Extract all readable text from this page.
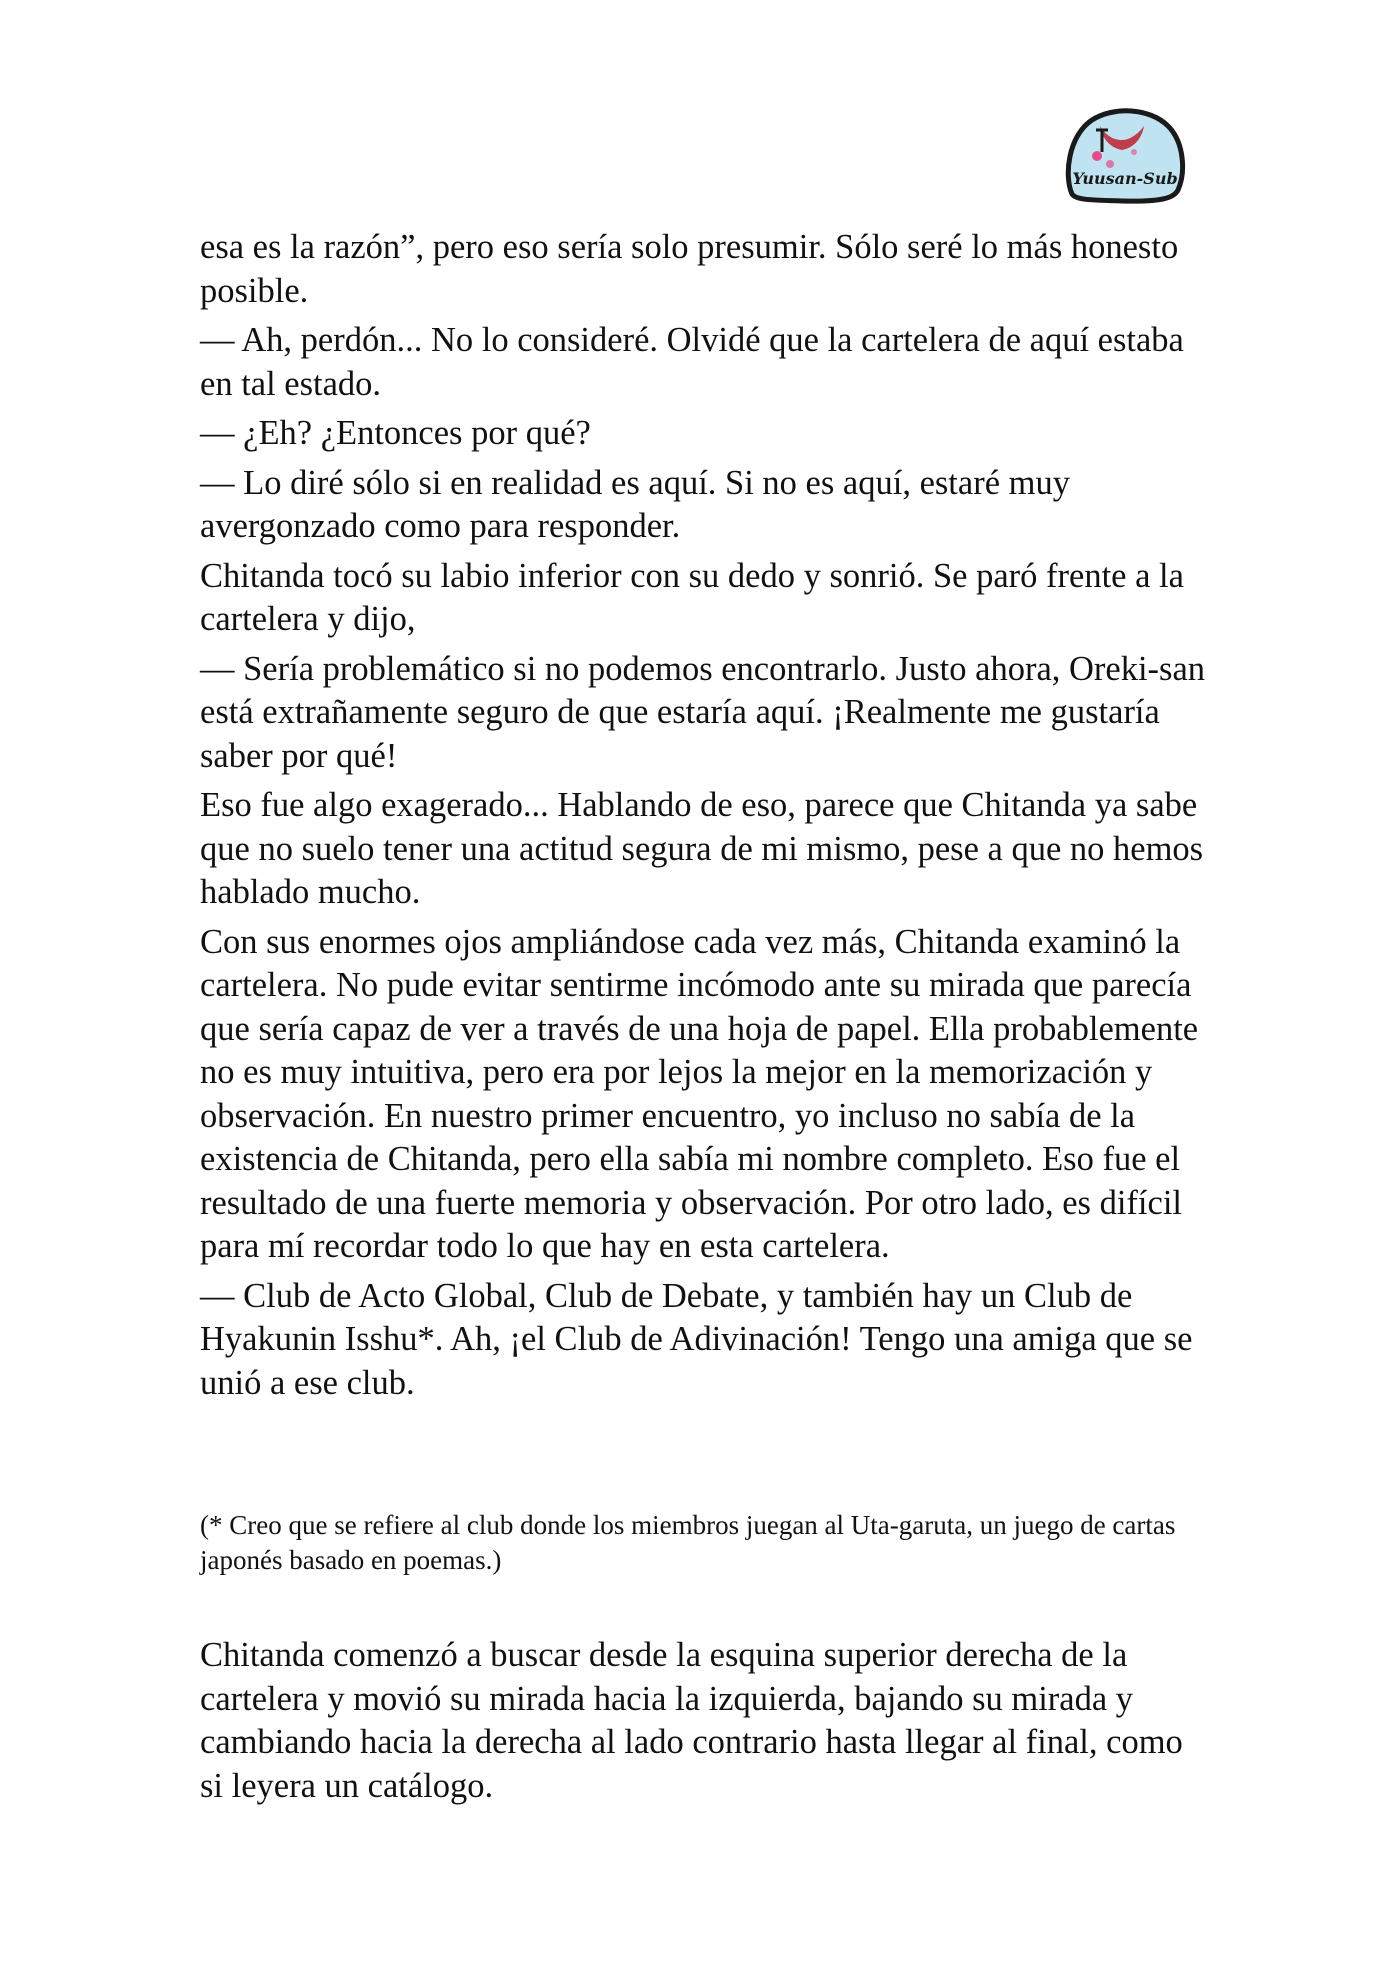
Yuusan-Sub

esa es la razón”, pero eso sería solo presumir. Sólo seré lo más honesto posible.

— Ah, perdón... No lo consideré. Olvidé que la cartelera de aquí estaba en tal estado.

— ¿Eh? ¿Entonces por qué?

— Lo diré sólo si en realidad es aquí. Si no es aquí, estaré muy avergonzado como para responder.

Chitanda tocó su labio inferior con su dedo y sonrió. Se paró frente a la cartelera y dijo,

— Sería problemático si no podemos encontrarlo. Justo ahora, Oreki-san está extrañamente seguro de que estaría aquí. ¡Realmente me gustaría saber por qué!

Eso fue algo exagerado... Hablando de eso, parece que Chitanda ya sabe que no suelo tener una actitud segura de mi mismo, pese a que no hemos hablado mucho.

Con sus enormes ojos ampliándose cada vez más, Chitanda examinó la cartelera. No pude evitar sentirme incómodo ante su mirada que parecía que sería capaz de ver a través de una hoja de papel. Ella probablemente no es muy intuitiva, pero era por lejos la mejor en la memorización y observación. En nuestro primer encuentro, yo incluso no sabía de la existencia de Chitanda, pero ella sabía mi nombre completo. Eso fue el resultado de una fuerte memoria y observación. Por otro lado, es difícil para mí recordar todo lo que hay en esta cartelera.

— Club de Acto Global, Club de Debate, y también hay un Club de Hyakunin Isshu*. Ah, ¡el Club de Adivinación! Tengo una amiga que se unió a ese club.

(* Creo que se refiere al club donde los miembros juegan al Uta-garuta, un juego de cartas japonés basado en poemas.)

Chitanda comenzó a buscar desde la esquina superior derecha de la cartelera y movió su mirada hacia la izquierda, bajando su mirada y cambiando hacia la derecha al lado contrario hasta llegar al final, como si leyera un catálogo.
